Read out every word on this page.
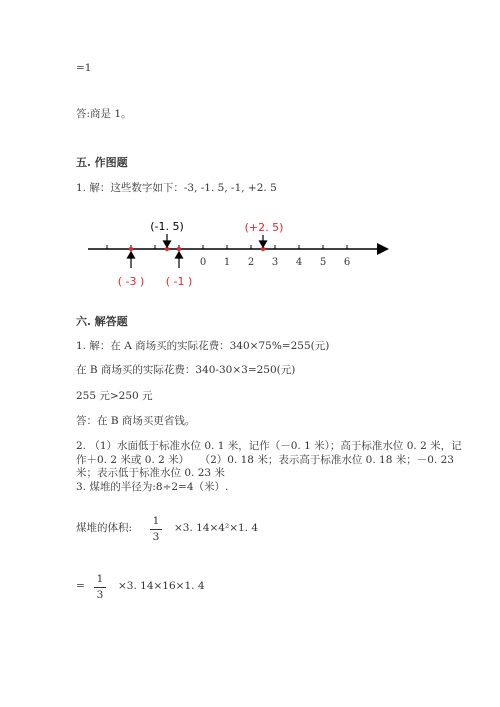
=1
答:商是 1。
五. 作图题
1. 解：这些数字如下：-3, -1. 5, -1, +2. 5
0 1 2 3 4 5 6
(-1. 5)	(+2. 5)
( -3 ) ( -1 )
六. 解答题
1. 解：在 A 商场买的实际花费：340×75%=255(元)
在 B 商场买的实际花费：340-30×3=250(元)
255 元>250 元
答：在 B 商场买更省钱。
2. （1）水面低于标准水位 0. 1 米，记作（－0. 1 米）；高于标准水位 0. 2 米，记
作＋0. 2 米或 0. 2 米）　　（2）0. 18 米；表示高于标准水位 0. 18 米；－0. 23
米；表示低于标准水位 0. 23 米
3. 煤堆的半径为:8÷2=4（米）.
煤堆的体积:
1
3
×3. 14×4²×1. 4
=
1
3
×3. 14×16×1. 4
